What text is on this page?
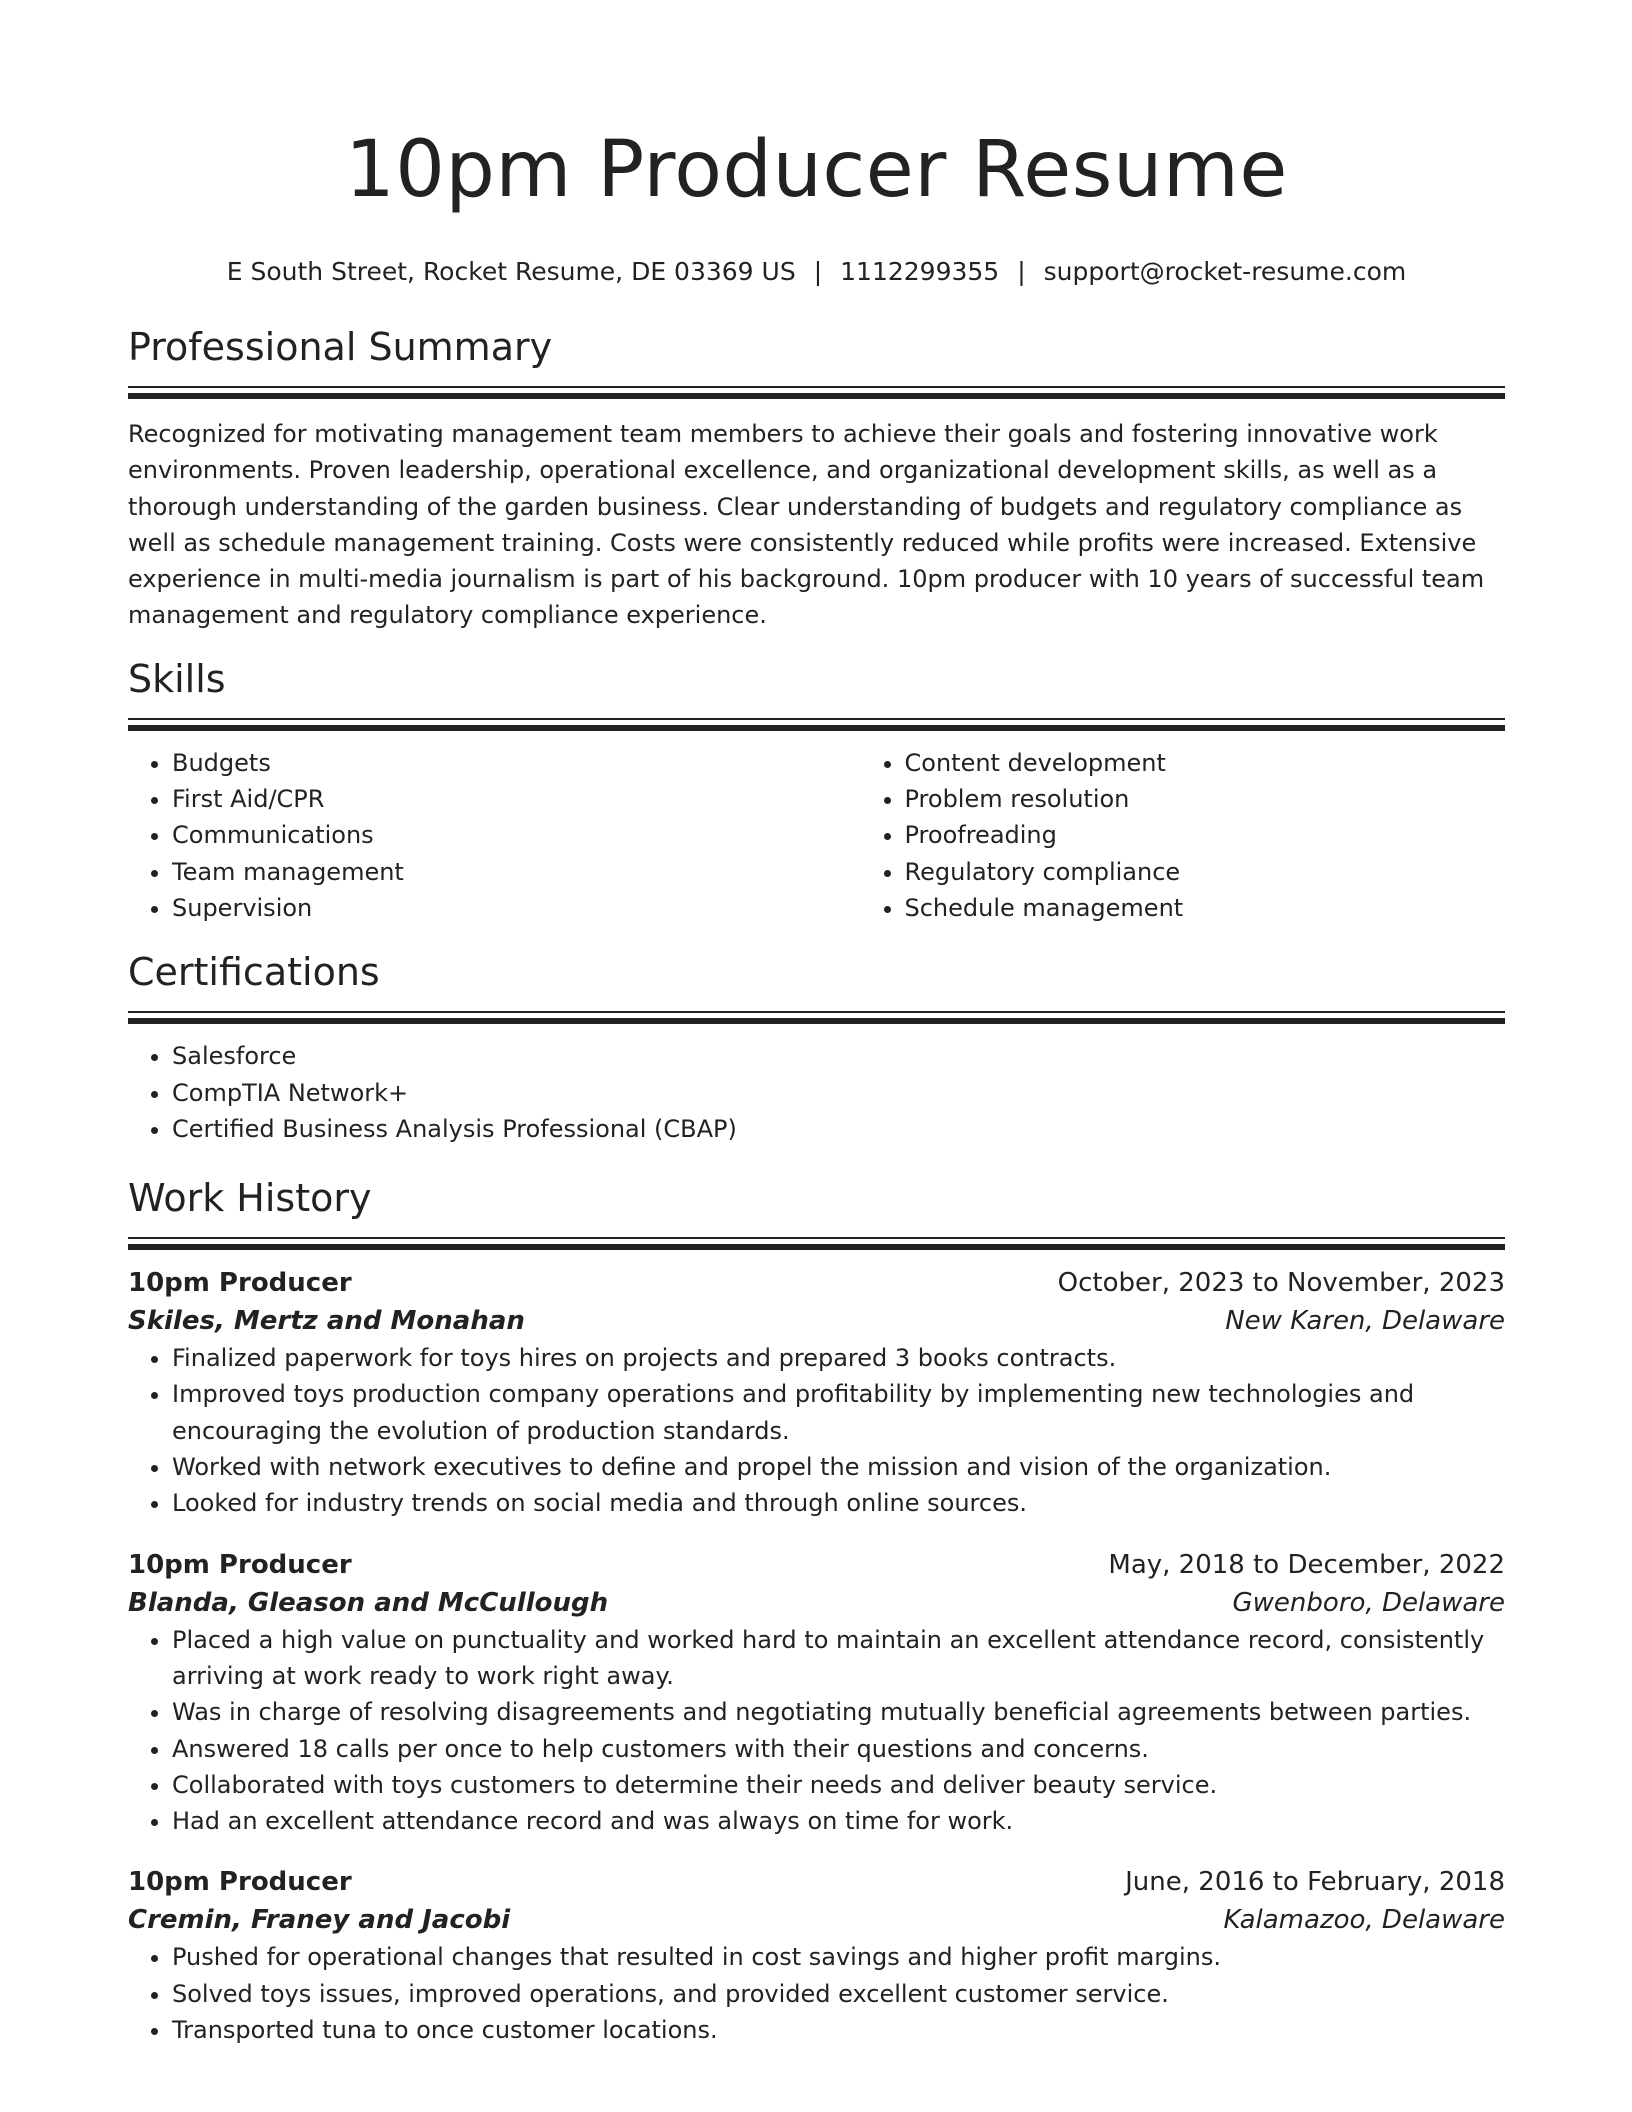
10pm Producer Resume
E South Street, Rocket Resume, DE 03369 US | 1112299355 | support@rocket-resume.com
Professional Summary

Recognized for motivating management team members to achieve their goals and fostering innovative work environments. Proven leadership, operational excellence, and organizational development skills, as well as a thorough understanding of the garden business. Clear understanding of budgets and regulatory compliance as well as schedule management training. Costs were consistently reduced while profits were increased. Extensive experience in multi-media journalism is part of his background. 10pm producer with 10 years of successful team management and regulatory compliance experience.

Skills
• Budgets
• First Aid/CPR
• Communications
• Team management
• Supervision
• Content development
• Problem resolution
• Proofreading
• Regulatory compliance
• Schedule management
Certifications
• Salesforce
• CompTIA Network+
• Certified Business Analysis Professional (CBAP)
Work History
10pm Producer	October, 2023 to November, 2023
Skiles, Mertz and Monahan	New Karen, Delaware
• Finalized paperwork for toys hires on projects and prepared 3 books contracts.
• Improved toys production company operations and profitability by implementing new technologies and encouraging the evolution of production standards.
• Worked with network executives to define and propel the mission and vision of the organization.
• Looked for industry trends on social media and through online sources.
10pm Producer	May, 2018 to December, 2022
Blanda, Gleason and McCullough	Gwenboro, Delaware
• Placed a high value on punctuality and worked hard to maintain an excellent attendance record, consistently arriving at work ready to work right away.
• Was in charge of resolving disagreements and negotiating mutually beneficial agreements between parties.
• Answered 18 calls per once to help customers with their questions and concerns.
• Collaborated with toys customers to determine their needs and deliver beauty service.
• Had an excellent attendance record and was always on time for work.
10pm Producer	June, 2016 to February, 2018
Cremin, Franey and Jacobi	Kalamazoo, Delaware
• Pushed for operational changes that resulted in cost savings and higher profit margins.
• Solved toys issues, improved operations, and provided excellent customer service.
• Transported tuna to once customer locations.
